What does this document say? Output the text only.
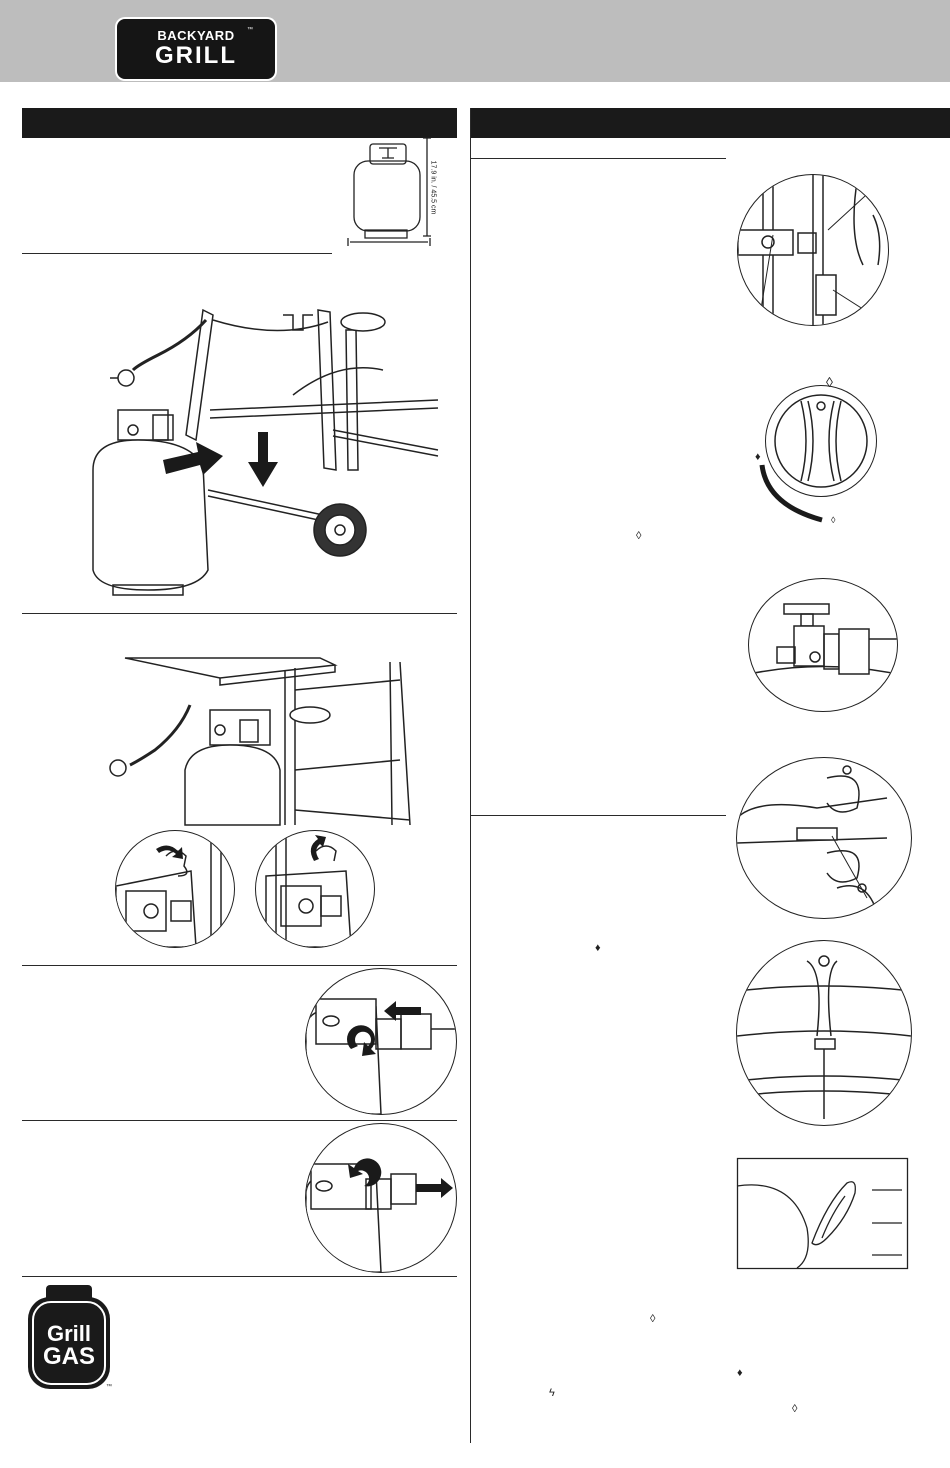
BACKYARD
GRILL
™
17.9 in. / 45.5 cm
Grill
GAS
™
◊
♦
◊
◊
♦
◊
♦
ϟ
◊
